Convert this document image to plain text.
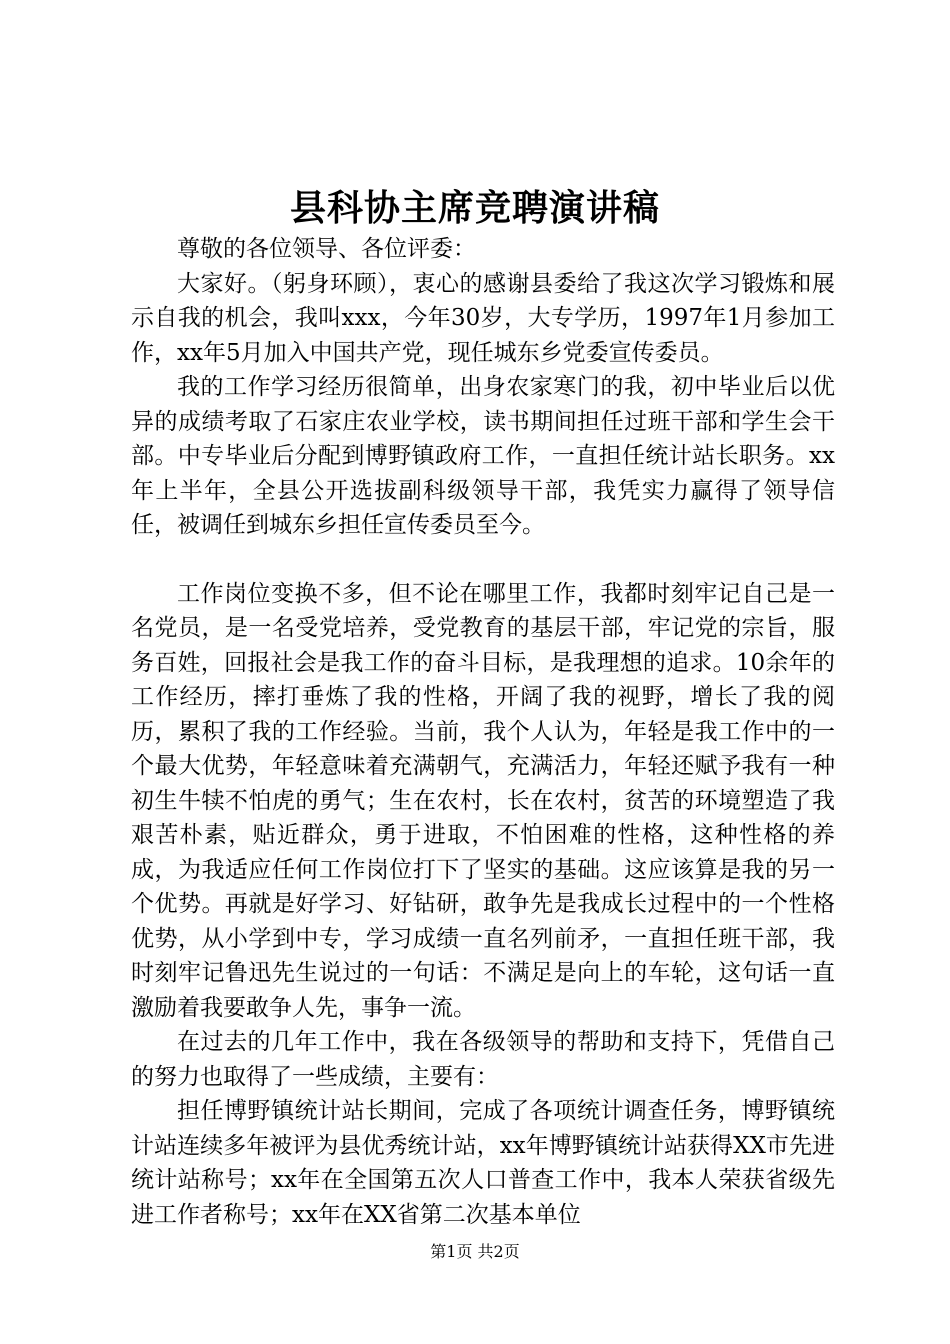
县科协主席竞聘演讲稿

尊敬的各位领导、各位评委：

大家好。（躬身环顾），衷心的感谢县委给了我这次学习锻炼和展示自我的机会，我叫xxx，今年30岁，大专学历，1997年1月参加工作，xx年5月加入中国共产党，现任城东乡党委宣传委员。

我的工作学习经历很简单，出身农家寒门的我，初中毕业后以优异的成绩考取了石家庄农业学校，读书期间担任过班干部和学生会干部。中专毕业后分配到博野镇政府工作，一直担任统计站长职务。xx年上半年，全县公开选拔副科级领导干部，我凭实力赢得了领导信任，被调任到城东乡担任宣传委员至今。

工作岗位变换不多，但不论在哪里工作，我都时刻牢记自己是一名党员，是一名受党培养，受党教育的基层干部，牢记党的宗旨，服务百姓，回报社会是我工作的奋斗目标，是我理想的追求。10余年的工作经历，摔打垂炼了我的性格，开阔了我的视野，增长了我的阅历，累积了我的工作经验。当前，我个人认为，年轻是我工作中的一个最大优势，年轻意味着充满朝气，充满活力，年轻还赋予我有一种初生牛犊不怕虎的勇气；生在农村，长在农村，贫苦的环境塑造了我艰苦朴素，贴近群众，勇于进取，不怕困难的性格，这种性格的养成，为我适应任何工作岗位打下了坚实的基础。这应该算是我的另一个优势。再就是好学习、好钻研，敢争先是我成长过程中的一个性格优势，从小学到中专，学习成绩一直名列前矛，一直担任班干部，我时刻牢记鲁迅先生说过的一句话：不满足是向上的车轮，这句话一直激励着我要敢争人先，事争一流。

在过去的几年工作中，我在各级领导的帮助和支持下，凭借自己的努力也取得了一些成绩，主要有：

担任博野镇统计站长期间，完成了各项统计调查任务，博野镇统计站连续多年被评为县优秀统计站，xx年博野镇统计站获得XX市先进统计站称号；xx年在全国第五次人口普查工作中，我本人荣获省级先进工作者称号；xx年在XX省第二次基本单位

第1页 共2页
